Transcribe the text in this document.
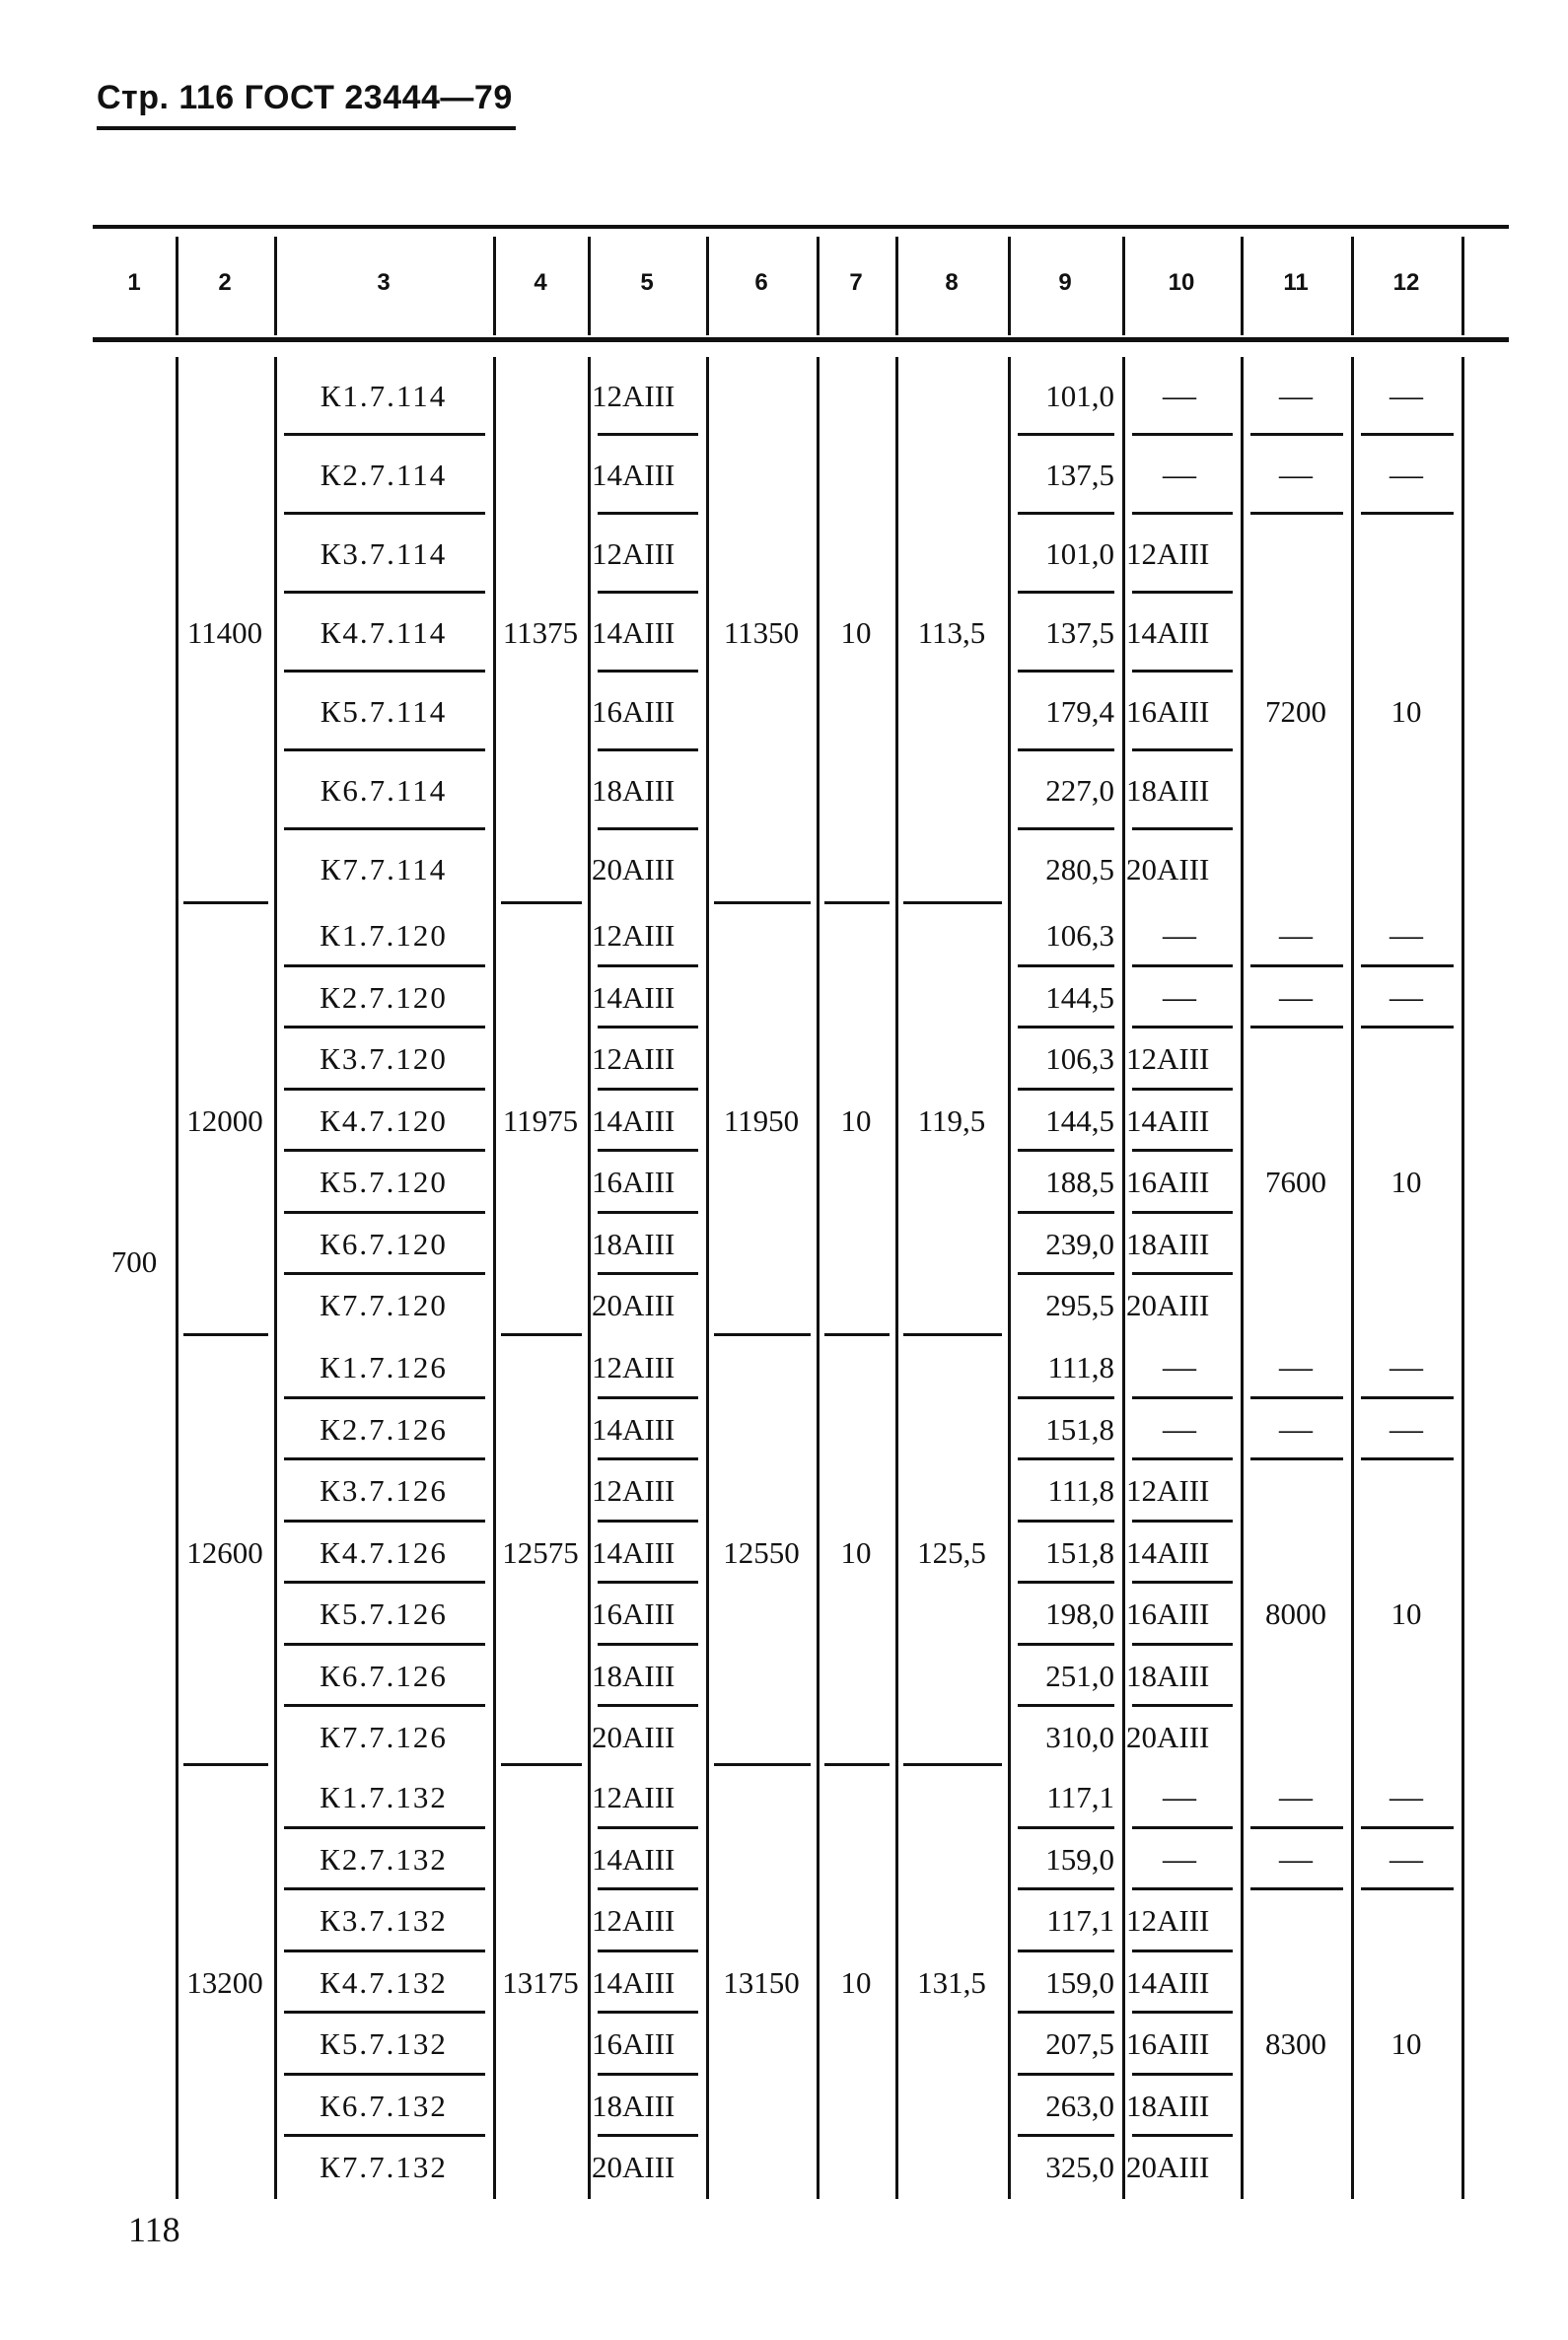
Стр. 116 ГОСТ 23444—79
1	2	3	4	5	6	7	8	9	10	11	12
700
11400	11375	11350	10	113,5
К1.7.114	12АIII	101,0	—	—	—
К2.7.114	14АIII	137,5	—	—	—
К3.7.114	12АIII	101,0 12АIII
К4.7.114	14АIII	137,5 14АIII
К5.7.114	16АIII	179,4 16АIII
К6.7.114	18АIII	227,0 18АIII
К7.7.114	20АIII	280,5 20АIII
7200	10
12000	11975	11950	10	119,5
К1.7.120	12АIII	106,3	—	—	—
К2.7.120	14АIII	144,5	—	—	—
К3.7.120	12АIII	106,3 12АIII
К4.7.120	14АIII	144,5 14АIII
К5.7.120	16АIII	188,5 16АIII
К6.7.120	18АIII	239,0 18АIII
К7.7.120	20АIII	295,5 20АIII
7600	10
12600	12575	12550	10	125,5
К1.7.126	12АIII	111,8	—	—	—
К2.7.126	14АIII	151,8	—	—	—
К3.7.126	12АIII	111,8 12АIII
К4.7.126	14АIII	151,8 14АIII
К5.7.126	16АIII	198,0 16АIII
К6.7.126	18АIII	251,0 18АIII
К7.7.126	20АIII	310,0 20АIII
8000	10
13200	13175	13150	10	131,5
К1.7.132	12АIII	117,1	—	—	—
К2.7.132	14АIII	159,0	—	—	—
К3.7.132	12АIII	117,1 12АIII
К4.7.132	14АIII	159,0 14АIII
К5.7.132	16АIII	207,5 16АIII
К6.7.132	18АIII	263,0 18АIII
К7.7.132	20АIII	325,0 20АIII
8300	10
118
